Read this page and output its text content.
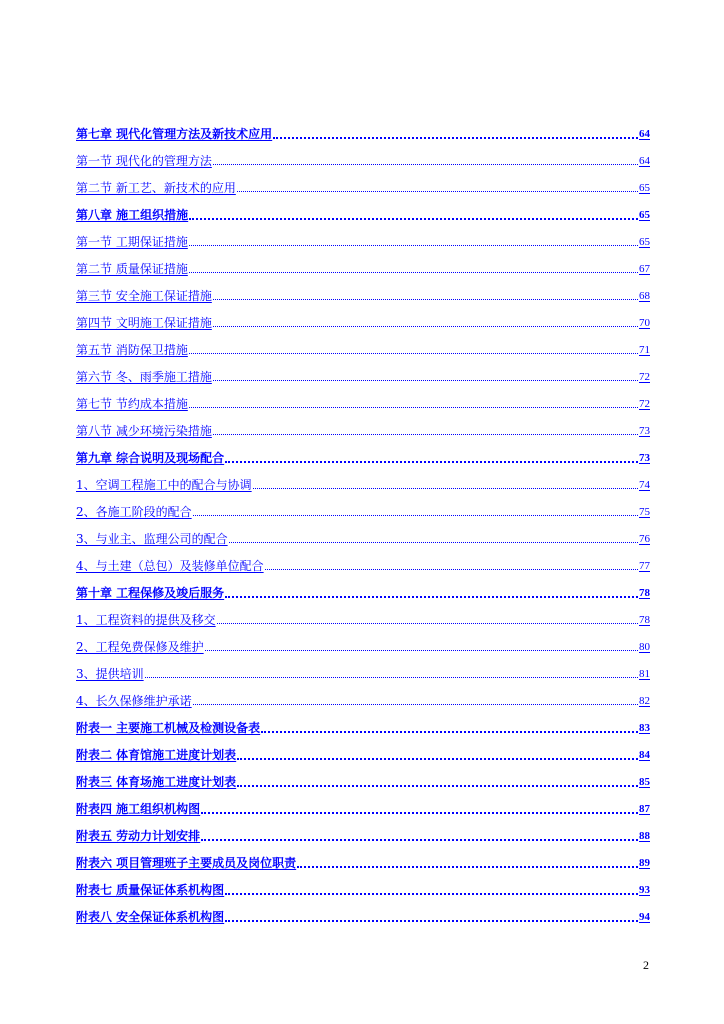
第七章 现代化管理方法及新技术应用	64
第一节 现代化的管理方法	64
第二节 新工艺、新技术的应用	65
第八章 施工组织措施	65
第一节 工期保证措施	65
第二节 质量保证措施	67
第三节 安全施工保证措施	68
第四节 文明施工保证措施	70
第五节 消防保卫措施	71
第六节 冬、雨季施工措施	72
第七节 节约成本措施	72
第八节 减少环境污染措施	73
第九章 综合说明及现场配合	73
1、空调工程施工中的配合与协调	74
2、各施工阶段的配合	75
3、与业主、监理公司的配合	76
4、与土建（总包）及装修单位配合	77
第十章 工程保修及竣后服务	78
1、工程资料的提供及移交	78
2、工程免费保修及维护	80
3、提供培训	81
4、长久保修维护承诺	82
附表一 主要施工机械及检测设备表	83
附表二 体育馆施工进度计划表	84
附表三 体育场施工进度计划表	85
附表四 施工组织机构图	87
附表五 劳动力计划安排	88
附表六 项目管理班子主要成员及岗位职责	89
附表七 质量保证体系机构图	93
附表八 安全保证体系机构图	94
2
